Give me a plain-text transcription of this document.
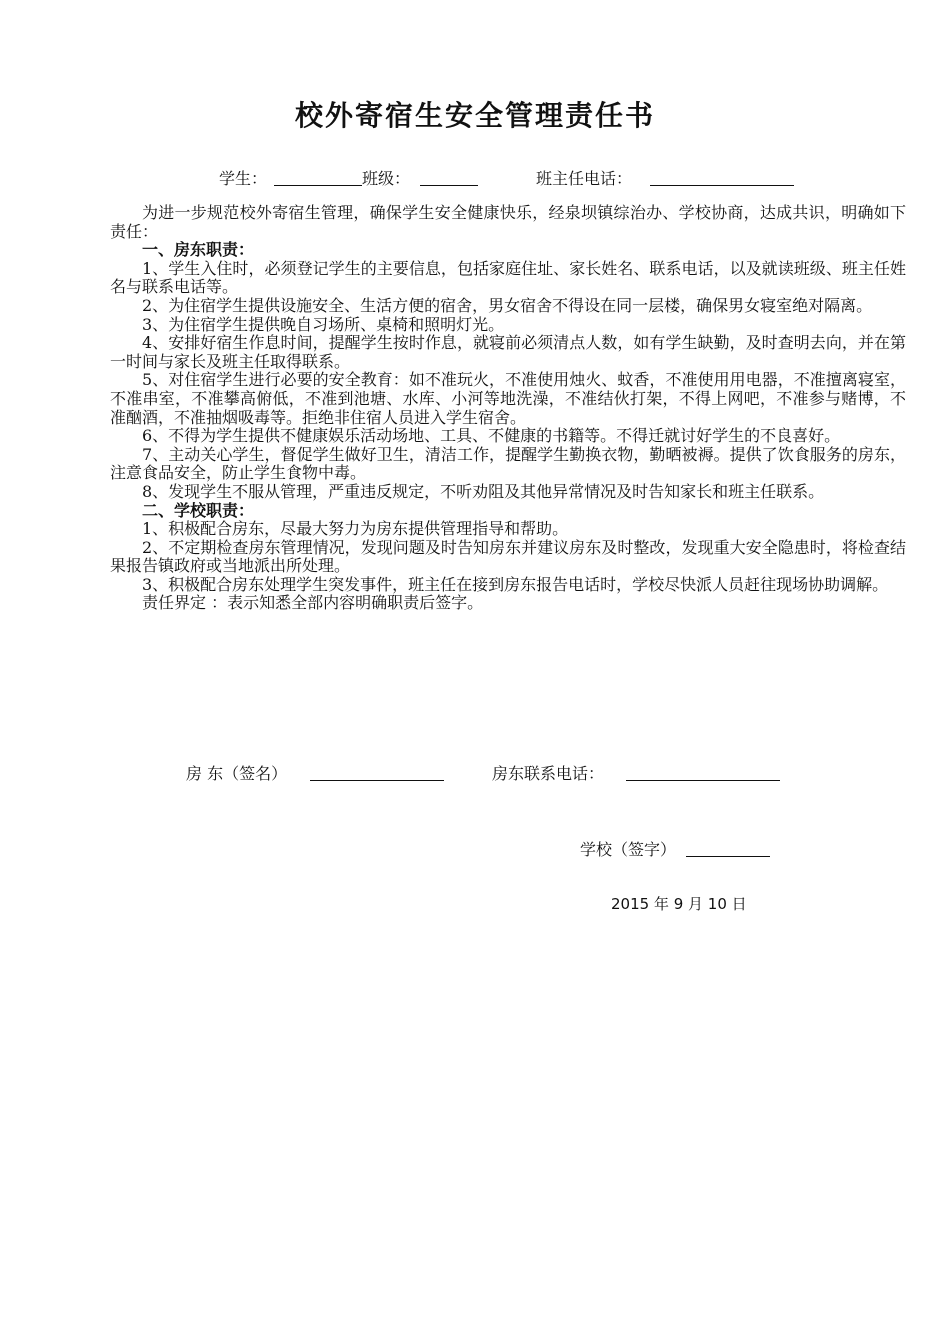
校外寄宿生安全管理责任书
学生：	班级：	班主任电话：

为进一步规范校外寄宿生管理，确保学生安全健康快乐，经泉坝镇综治办、学校协商，达成共识，明确如下责任：

一、房东职责：

1、学生入住时，必须登记学生的主要信息，包括家庭住址、家长姓名、联系电话，以及就读班级、班主任姓名与联系电话等。

2、为住宿学生提供设施安全、生活方便的宿舍，男女宿舍不得设在同一层楼，确保男女寝室绝对隔离。

3、为住宿学生提供晚自习场所、桌椅和照明灯光。

4、安排好宿生作息时间，提醒学生按时作息，就寝前必须清点人数，如有学生缺勤，及时查明去向，并在第一时间与家长及班主任取得联系。

5、对住宿学生进行必要的安全教育：如不准玩火，不准使用烛火、蚊香，不准使用用电器，不准擅离寝室，不准串室，不准攀高俯低，不准到池塘、水库、小河等地洗澡，不准结伙打架，不得上网吧，不准参与赌博，不准酗酒，不准抽烟吸毒等。拒绝非住宿人员进入学生宿舍。

6、不得为学生提供不健康娱乐活动场地、工具、不健康的书籍等。不得迁就讨好学生的不良喜好。

7、主动关心学生，督促学生做好卫生，清洁工作，提醒学生勤换衣物，勤晒被褥。提供了饮食服务的房东，注意食品安全，防止学生食物中毒。

8、发现学生不服从管理，严重违反规定，不听劝阻及其他异常情况及时告知家长和班主任联系。

二、学校职责：

1、积极配合房东，尽最大努力为房东提供管理指导和帮助。

2、不定期检查房东管理情况，发现问题及时告知房东并建议房东及时整改，发现重大安全隐患时，将检查结果报告镇政府或当地派出所处理。

3、积极配合房东处理学生突发事件，班主任在接到房东报告电话时，学校尽快派人员赶往现场协助调解。

责任界定 ：表示知悉全部内容明确职责后签字。

房 东（签名）	房东联系电话：
学校（签字）
2015 年 9 月 10 日
